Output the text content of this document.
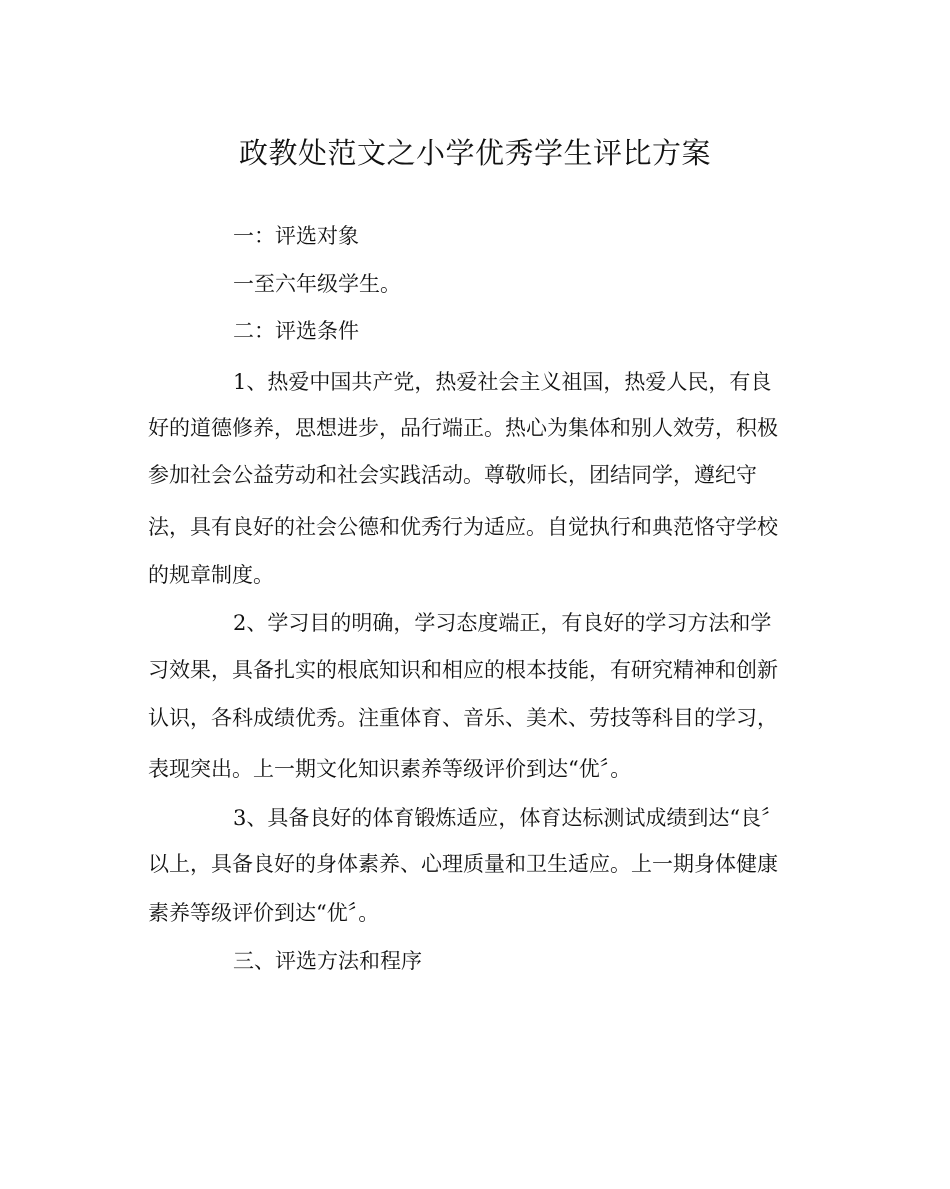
政教处范文之小学优秀学生评比方案

一：评选对象

一至六年级学生。

二：评选条件

1、热爱中国共产党，热爱社会主义祖国，热爱人民，有良

好的道德修养，思想进步，品行端正。热心为集体和别人效劳，积极

参加社会公益劳动和社会实践活动。尊敬师长，团结同学，遵纪守

法，具有良好的社会公德和优秀行为适应。自觉执行和典范恪守学校

的规章制度。

2、学习目的明确，学习态度端正，有良好的学习方法和学

习效果，具备扎实的根底知识和相应的根本技能，有研究精神和创新

认识，各科成绩优秀。注重体育、音乐、美术、劳技等科目的学习，

表现突出。上一期文化知识素养等级评价到达“优〞。

3、具备良好的体育锻炼适应，体育达标测试成绩到达“良〞

以上，具备良好的身体素养、心理质量和卫生适应。上一期身体健康

素养等级评价到达“优〞。

三、评选方法和程序
